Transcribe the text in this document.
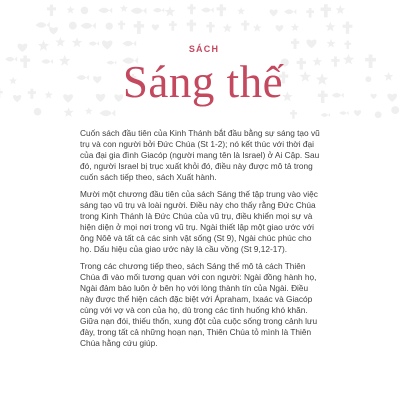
SÁCH
Sáng thế

Cuốn sách đầu tiên của Kinh Thánh bắt đầu bằng sự sáng tạo vũ trụ và con người bởi Đức Chúa (St 1-2); nó kết thúc với thời đại của đại gia đình Giacóp (người mang tên là Israel) ở Ai Cập. Sau đó, người Israel bị trục xuất khỏi đó, điều này được mô tả trong cuốn sách tiếp theo, sách Xuất hành.

Mười một chương đầu tiên của sách Sáng thế tập trung vào việc sáng tạo vũ trụ và loài người. Điều này cho thấy rằng Đức Chúa trong Kinh Thánh là Đức Chúa của vũ trụ, điều khiển mọi sự và hiện diện ở mọi nơi trong vũ trụ. Ngài thiết lập một giao ước với ông Nôê và tất cả các sinh vật sống (St 9), Ngài chúc phúc cho họ. Dấu hiệu của giao ước này là cầu vồng (St 9,12-17).

Trong các chương tiếp theo, sách Sáng thế mô tả cách Thiên Chúa đi vào mối tương quan với con người: Ngài đồng hành họ, Ngài đảm bảo luôn ở bên họ với lòng thành tín của Ngài. Điều này được thể hiện cách đặc biệt với Ápraham, Ixaác và Giacóp cùng với vợ và con của họ, dù trong các tình huống khó khăn. Giữa nạn đói, thiếu thốn, xung đột của cuộc sống trong cảnh lưu đày, trong tất cả những hoạn nạn, Thiên Chúa tỏ mình là Thiên Chúa hằng cứu giúp.
